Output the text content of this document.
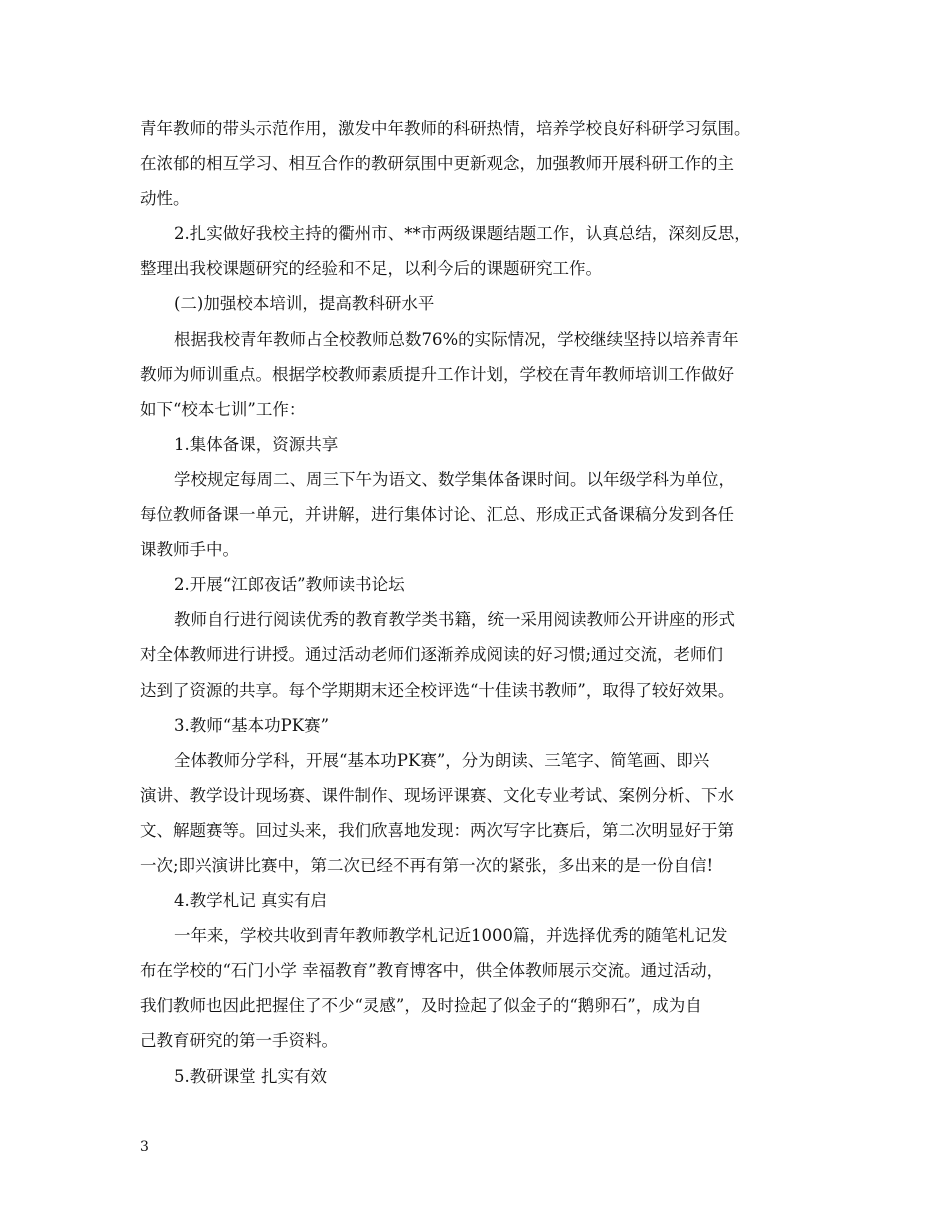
青年教师的带头示范作用，激发中年教师的科研热情，培养学校良好科研学习氛围。
在浓郁的相互学习、相互合作的教研氛围中更新观念，加强教师开展科研工作的主
动性。
2.扎实做好我校主持的衢州市、**市两级课题结题工作，认真总结，深刻反思，
整理出我校课题研究的经验和不足，以利今后的课题研究工作。
(二)加强校本培训，提高教科研水平
根据我校青年教师占全校教师总数76%的实际情况，学校继续坚持以培养青年
教师为师训重点。根据学校教师素质提升工作计划，学校在青年教师培训工作做好
如下“校本七训”工作：
1.集体备课，资源共享
学校规定每周二、周三下午为语文、数学集体备课时间。以年级学科为单位，
每位教师备课一单元，并讲解，进行集体讨论、汇总、形成正式备课稿分发到各任
课教师手中。
2.开展“江郎夜话”教师读书论坛
教师自行进行阅读优秀的教育教学类书籍，统一采用阅读教师公开讲座的形式
对全体教师进行讲授。通过活动老师们逐渐养成阅读的好习惯;通过交流，老师们
达到了资源的共享。每个学期期末还全校评选“十佳读书教师”，取得了较好效果。
3.教师“基本功PK赛”
全体教师分学科，开展“基本功PK赛”，分为朗读、三笔字、简笔画、即兴
演讲、教学设计现场赛、课件制作、现场评课赛、文化专业考试、案例分析、下水
文、解题赛等。回过头来，我们欣喜地发现：两次写字比赛后，第二次明显好于第
一次;即兴演讲比赛中，第二次已经不再有第一次的紧张，多出来的是一份自信!
4.教学札记 真实有启
一年来，学校共收到青年教师教学札记近1000篇，并选择优秀的随笔札记发
布在学校的“石门小学 幸福教育”教育博客中，供全体教师展示交流。通过活动，
我们教师也因此把握住了不少“灵感”，及时捡起了似金子的“鹅卵石”，成为自
己教育研究的第一手资料。
5.教研课堂 扎实有效
3
